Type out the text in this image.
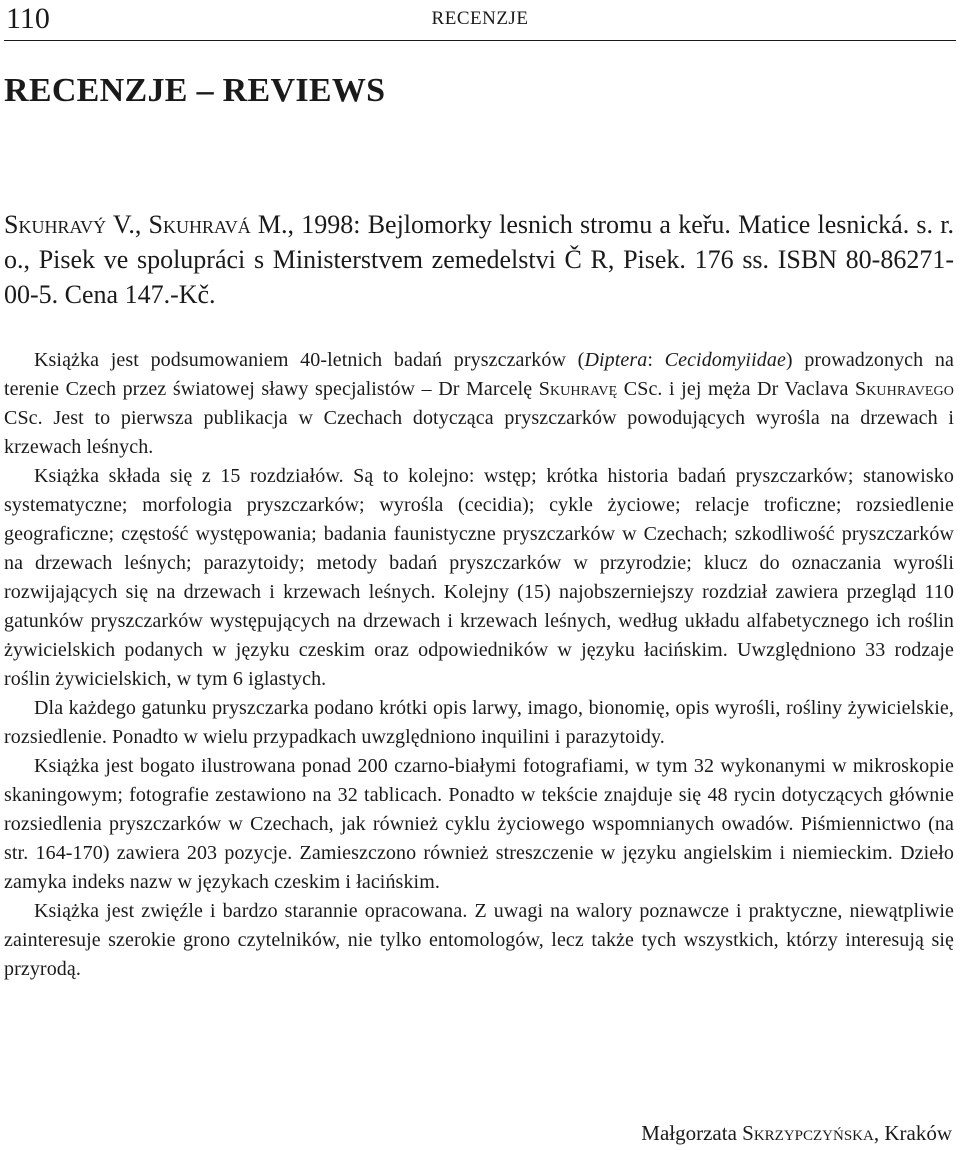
110	RECENZJE
RECENZJE – REVIEWS
Skuhravý V., Skuhravá M., 1998: Bejlomorky lesnich stromu a keřu. Matice lesnická. s. r. o., Pisek ve spolupráci s Ministerstvem zemedelstvi Č R, Pisek. 176 ss. ISBN 80-86271-00-5. Cena 147.-Kč.

Książka jest podsumowaniem 40-letnich badań pryszczarków (Diptera: Cecidomyiidae) prowadzonych na terenie Czech przez światowej sławy specjalistów – Dr Marcelę Skuhravę CSc. i jej męża Dr Vaclava Skuhravego CSc. Jest to pierwsza publikacja w Czechach dotycząca pryszczarków powodujących wyrośla na drzewach i krzewach leśnych.

Książka składa się z 15 rozdziałów. Są to kolejno: wstęp; krótka historia badań pryszczarków; stanowisko systematyczne; morfologia pryszczarków; wyrośla (cecidia); cykle życiowe; relacje troficzne; rozsiedlenie geograficzne; częstość występowania; badania faunistyczne pryszczarków w Czechach; szkodliwość pryszczarków na drzewach leśnych; parazytoidy; metody badań pryszczarków w przyrodzie; klucz do oznaczania wyrośli rozwijających się na drzewach i krzewach leśnych. Kolejny (15) najobszerniejszy rozdział zawiera przegląd 110 gatunków pryszczarków występujących na drzewach i krzewach leśnych, według układu alfabetycznego ich roślin żywicielskich podanych w języku czeskim oraz odpowiedników w języku łacińskim. Uwzględniono 33 rodzaje roślin żywicielskich, w tym 6 iglastych.

Dla każdego gatunku pryszczarka podano krótki opis larwy, imago, bionomię, opis wyrośli, rośliny żywicielskie, rozsiedlenie. Ponadto w wielu przypadkach uwzględniono inquilini i parazytoidy.

Książka jest bogato ilustrowana ponad 200 czarno-białymi fotografiami, w tym 32 wykonanymi w mikroskopie skaningowym; fotografie zestawiono na 32 tablicach. Ponadto w tekście znajduje się 48 rycin dotyczących głównie rozsiedlenia pryszczarków w Czechach, jak również cyklu życiowego wspomnianych owadów. Piśmiennictwo (na str. 164-170) zawiera 203 pozycje. Zamieszczono również streszczenie w języku angielskim i niemieckim. Dzieło zamyka indeks nazw w językach czeskim i łacińskim.

Książka jest zwięźle i bardzo starannie opracowana. Z uwagi na walory poznawcze i praktyczne, niewątpliwie zainteresuje szerokie grono czytelników, nie tylko entomologów, lecz także tych wszystkich, którzy interesują się przyrodą.

Małgorzata Skrzypczyńska, Kraków
